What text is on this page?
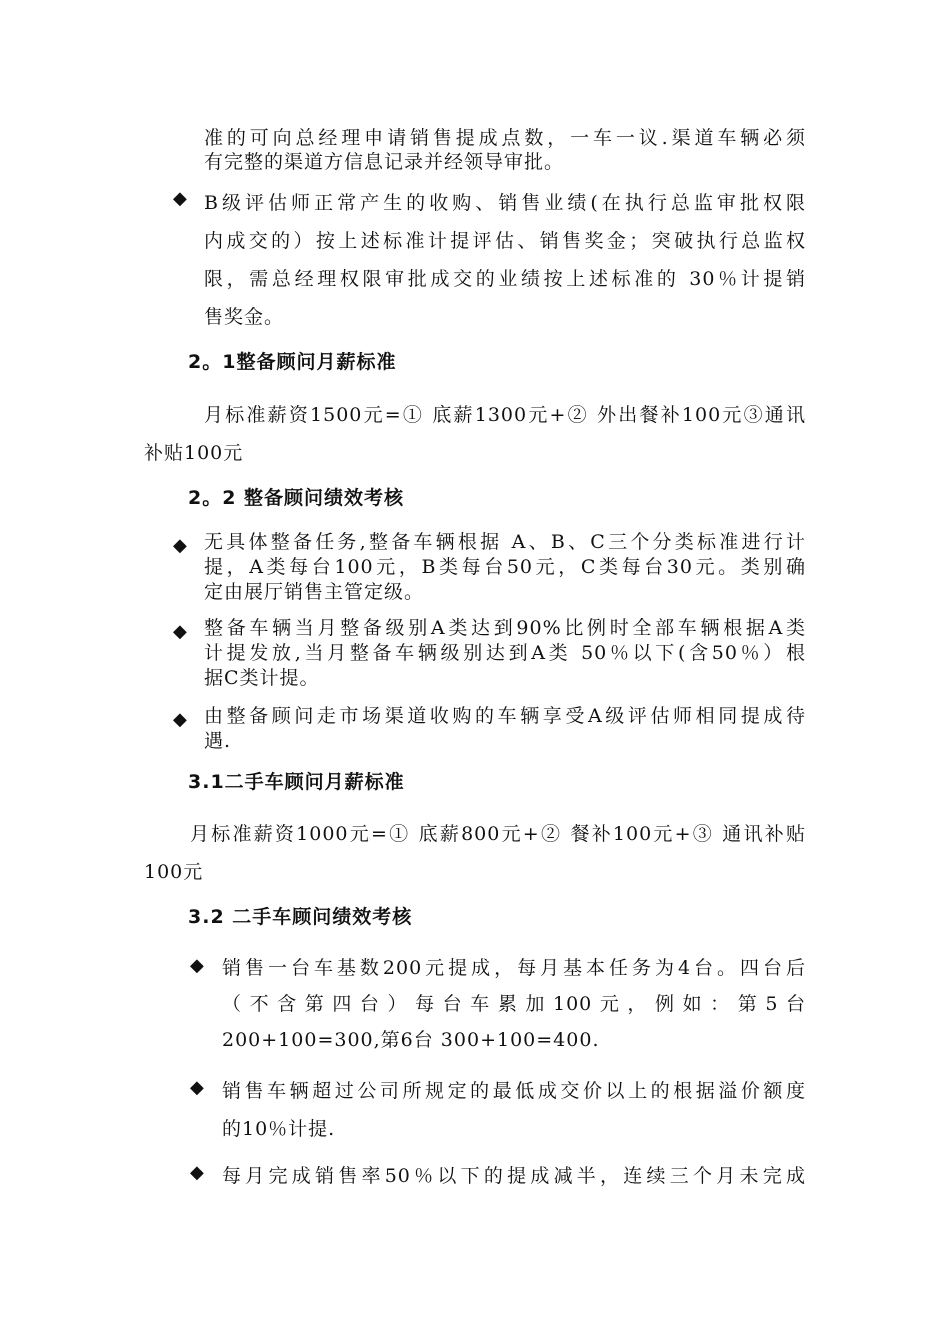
准的可向总经理申请销售提成点数，一车一议.渠道车辆必须
有完整的渠道方信息记录并经领导审批。
◆ B级评估师正常产生的收购、销售业绩(在执行总监审批权限
内成交的）按上述标准计提评估、销售奖金；突破执行总监权
限，需总经理权限审批成交的业绩按上述标准的 30％计提销
售奖金。
2。1整备顾问月薪标准
月标准薪资1500元=① 底薪1300元+② 外出餐补100元③通讯
补贴100元
2。2 整备顾问绩效考核
◆ 无具体整备任务,整备车辆根据 A、B、C三个分类标准进行计
提，A类每台100元，B类每台50元，C类每台30元。类别确
定由展厅销售主管定级。
◆ 整备车辆当月整备级别A类达到90%比例时全部车辆根据A类
计提发放,当月整备车辆级别达到A类 50％以下(含50％）根
据C类计提。
◆ 由整备顾问走市场渠道收购的车辆享受A级评估师相同提成待
遇.
3.1二手车顾问月薪标准
月标准薪资1000元=① 底薪800元+② 餐补100元+③ 通讯补贴
100元
3.2 二手车顾问绩效考核
◆ 销售一台车基数200元提成，每月基本任务为4台。四台后
（不含第四台）每台车累加100元，例如：第5台
200+100=300,第6台 300+100=400.
◆ 销售车辆超过公司所规定的最低成交价以上的根据溢价额度
的10％计提.
◆ 每月完成销售率50％以下的提成减半，连续三个月未完成
